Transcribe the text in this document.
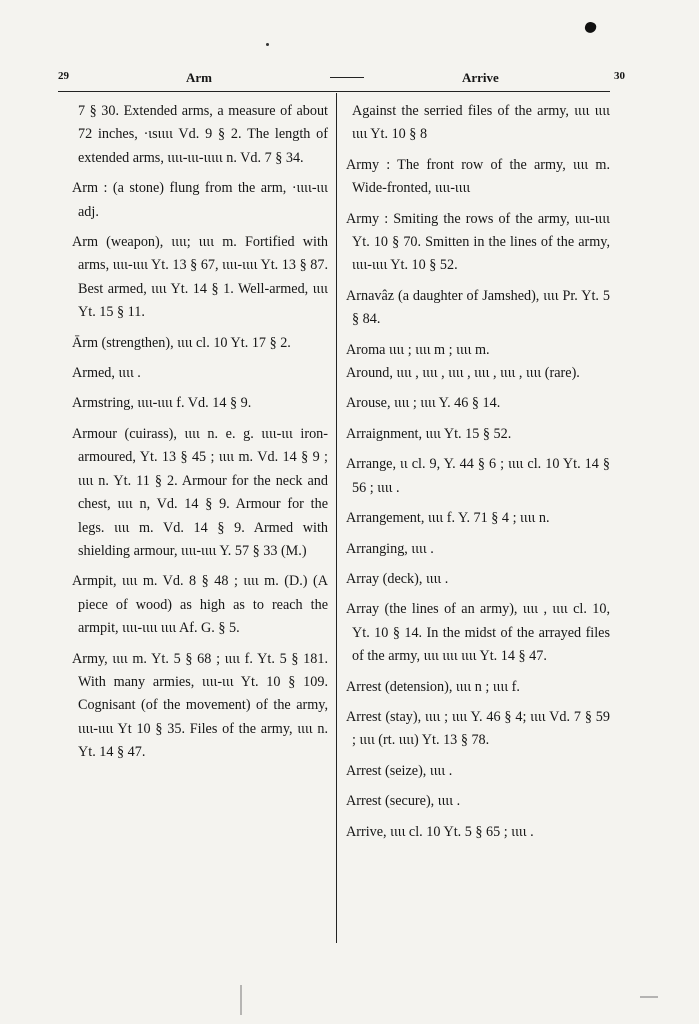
29	Arm	Arrive	30
7 § 30. Extended arms, a measure of about 72 inches, ·ɩsɩɩɩɩ Vd. 9 § 2. The length of extended arms, ɩɩɩɩ-ɩɩɩ-ɩɩɩɩɩ n. Vd. 7 § 34.
Arm : (a stone) flung from the arm, ·ɩɩɩɩ-ɩɩɩ adj.
Arm (weapon), ɩɩɩɩ; ɩɩɩɩ m. Fortified with arms, ɩɩɩɩ-ɩɩɩɩ Yt. 13 § 67, ɩɩɩɩ-ɩɩɩɩ Yt. 13 § 87. Best armed, ɩɩɩɩ Yt. 14 § 1. Well-armed, ɩɩɩɩ Yt. 15 § 11.
Ārm (strengthen), ɩɩɩɩ cl. 10 Yt. 17 § 2.
Armed, ɩɩɩɩ .
Armstring, ɩɩɩɩ-ɩɩɩɩ f. Vd. 14 § 9.
Armour (cuirass), ɩɩɩɩ n. e. g. ɩɩɩɩ-ɩɩɩ iron-armoured, Yt. 13 § 45 ; ɩɩɩɩ m. Vd. 14 § 9 ; ɩɩɩɩ n. Yt. 11 § 2. Armour for the neck and chest, ɩɩɩɩ n, Vd. 14 § 9. Armour for the legs. ɩɩɩɩ m. Vd. 14 § 9. Armed with shielding armour, ɩɩɩɩ-ɩɩɩɩ Y. 57 § 33 (M.)
Armpit, ɩɩɩɩ m. Vd. 8 § 48 ; ɩɩɩɩ m. (D.) (A piece of wood) as high as to reach the armpit, ɩɩɩɩ-ɩɩɩɩ ɩɩɩɩ Af. G. § 5.
Army, ɩɩɩɩ m. Yt. 5 § 68 ; ɩɩɩɩ f. Yt. 5 § 181. With many armies, ɩɩɩɩ-ɩɩɩ Yt. 10 § 109. Cognisant (of the movement) of the army, ɩɩɩɩ-ɩɩɩɩ Yt 10 § 35. Files of the army, ɩɩɩɩ n. Yt. 14 § 47.
Against the serried files of the army, ɩɩɩɩ ɩɩɩɩ ɩɩɩɩ Yt. 10 § 8
Army : The front row of the army, ɩɩɩɩ m. Wide-fronted, ɩɩɩɩ-ɩɩɩɩ
Army : Smiting the rows of the army, ɩɩɩɩ-ɩɩɩɩ Yt. 10 § 70. Smitten in the lines of the army, ɩɩɩɩ-ɩɩɩɩ Yt. 10 § 52.
Arnavâz (a daughter of Jamshed), ɩɩɩɩ Pr. Yt. 5 § 84.
Aroma ɩɩɩɩ ; ɩɩɩɩ m ; ɩɩɩɩ m.
Around, ɩɩɩɩ , ɩɩɩɩ , ɩɩɩɩ , ɩɩɩɩ , ɩɩɩɩ , ɩɩɩɩ (rare).
Arouse, ɩɩɩɩ ; ɩɩɩɩ Y. 46 § 14.
Arraignment, ɩɩɩɩ Yt. 15 § 52.
Arrange, ɩɩ cl. 9, Y. 44 § 6 ; ɩɩɩɩ cl. 10 Yt. 14 § 56 ; ɩɩɩɩ .
Arrangement, ɩɩɩɩ f. Y. 71 § 4 ; ɩɩɩɩ n.
Arranging, ɩɩɩɩ .
Array (deck), ɩɩɩɩ .
Array (the lines of an army), ɩɩɩɩ , ɩɩɩɩ cl. 10, Yt. 10 § 14. In the midst of the arrayed files of the army, ɩɩɩɩ ɩɩɩɩ ɩɩɩɩ Yt. 14 § 47.
Arrest (detension), ɩɩɩɩ n ; ɩɩɩɩ f.
Arrest (stay), ɩɩɩɩ ; ɩɩɩɩ Y. 46 § 4; ɩɩɩɩ Vd. 7 § 59 ; ɩɩɩɩ (rt. ɩɩɩɩ) Yt. 13 § 78.
Arrest (seize), ɩɩɩɩ .
Arrest (secure), ɩɩɩɩ .
Arrive, ɩɩɩɩ cl. 10 Yt. 5 § 65 ; ɩɩɩɩ .
